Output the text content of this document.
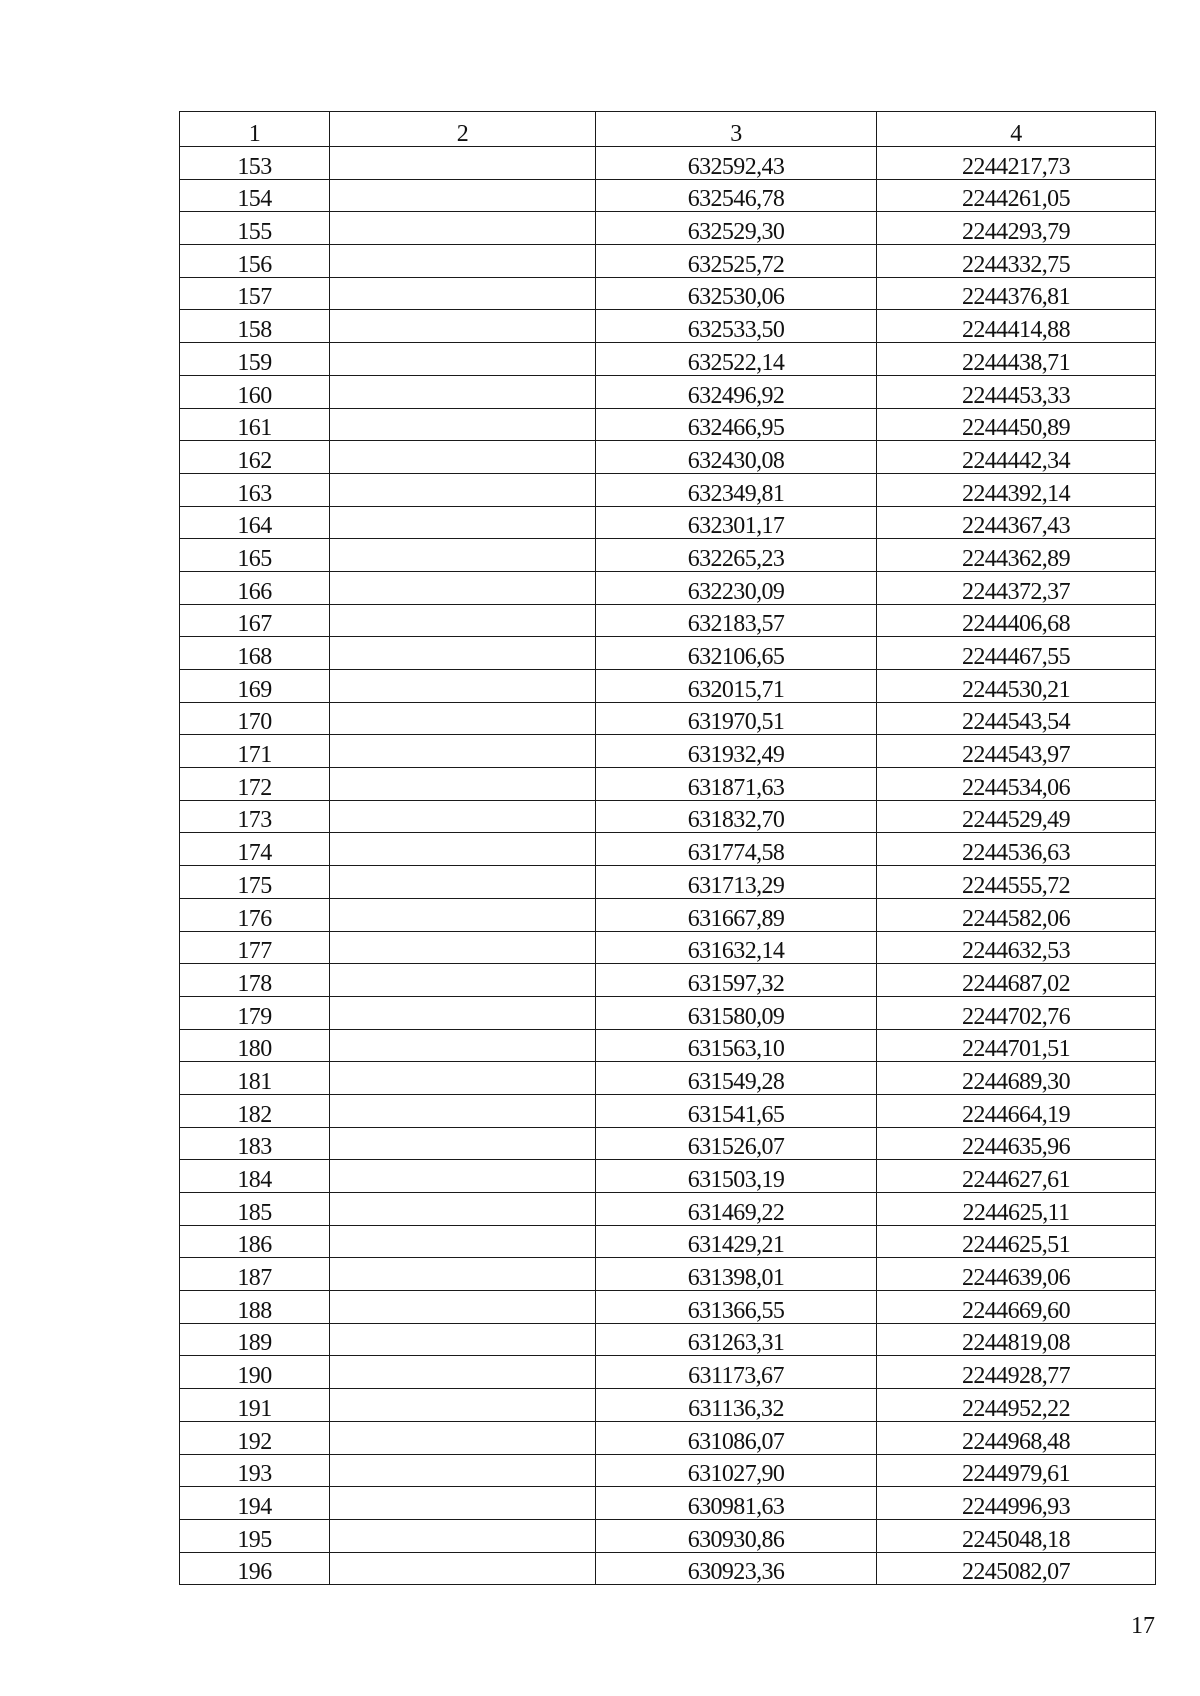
1	2	3	4
153		632592,43	2244217,73
154		632546,78	2244261,05
155		632529,30	2244293,79
156		632525,72	2244332,75
157		632530,06	2244376,81
158		632533,50	2244414,88
159		632522,14	2244438,71
160		632496,92	2244453,33
161		632466,95	2244450,89
162		632430,08	2244442,34
163		632349,81	2244392,14
164		632301,17	2244367,43
165		632265,23	2244362,89
166		632230,09	2244372,37
167		632183,57	2244406,68
168		632106,65	2244467,55
169		632015,71	2244530,21
170		631970,51	2244543,54
171		631932,49	2244543,97
172		631871,63	2244534,06
173		631832,70	2244529,49
174		631774,58	2244536,63
175		631713,29	2244555,72
176		631667,89	2244582,06
177		631632,14	2244632,53
178		631597,32	2244687,02
179		631580,09	2244702,76
180		631563,10	2244701,51
181		631549,28	2244689,30
182		631541,65	2244664,19
183		631526,07	2244635,96
184		631503,19	2244627,61
185		631469,22	2244625,11
186		631429,21	2244625,51
187		631398,01	2244639,06
188		631366,55	2244669,60
189		631263,31	2244819,08
190		631173,67	2244928,77
191		631136,32	2244952,22
192		631086,07	2244968,48
193		631027,90	2244979,61
194		630981,63	2244996,93
195		630930,86	2245048,18
196		630923,36	2245082,07
17
